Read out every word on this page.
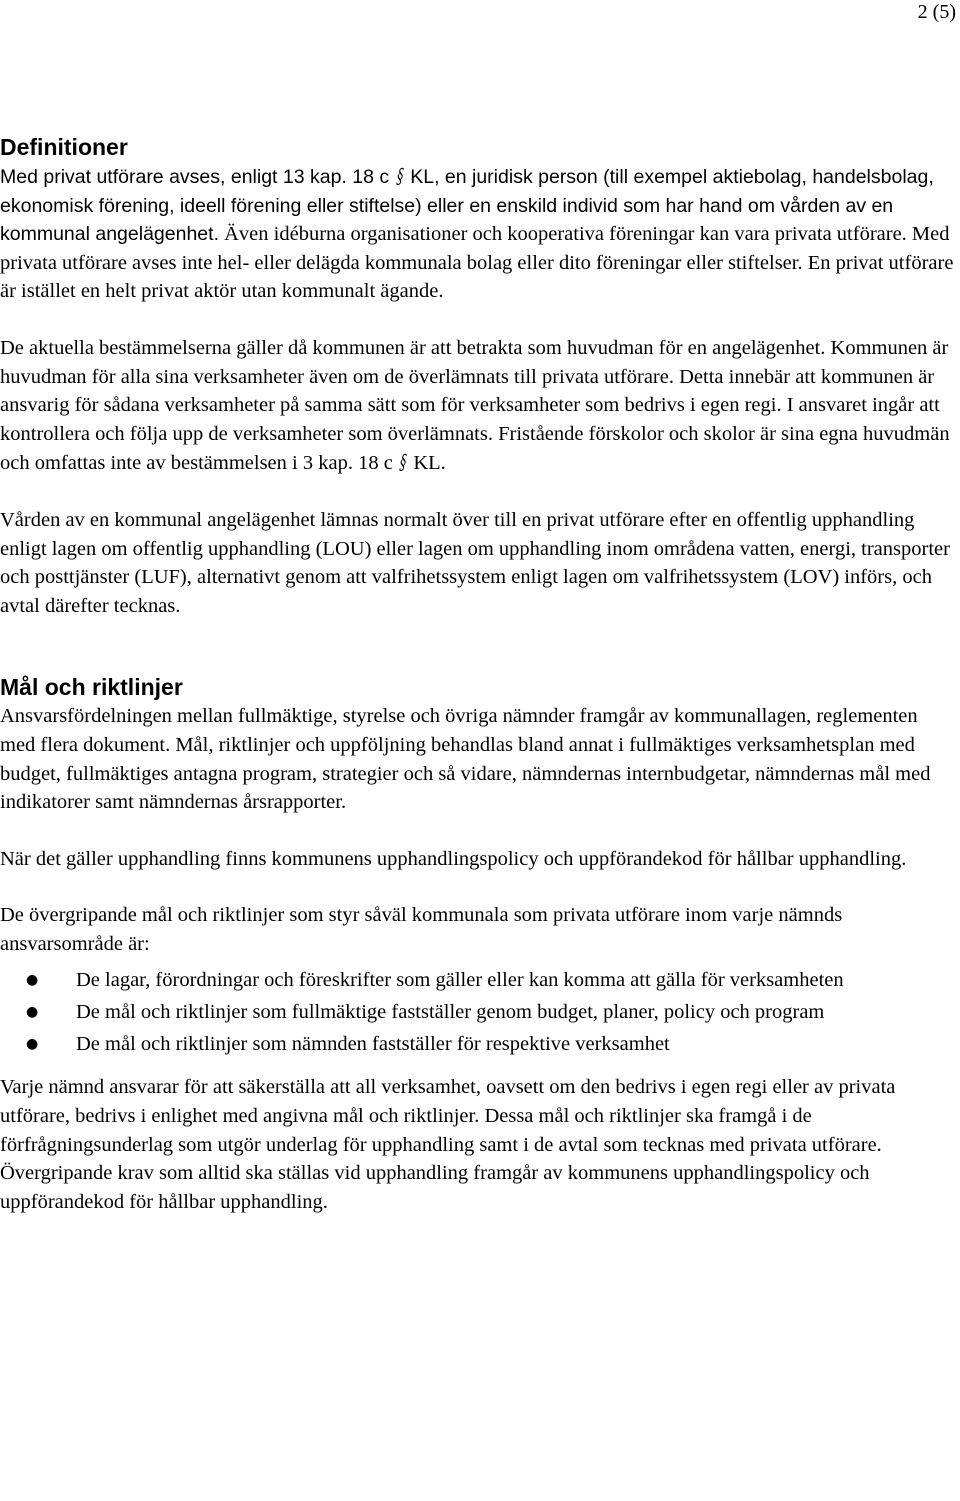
2 (5)
Definitioner

Med privat utförare avses, enligt 13 kap. 18 c § KL, en juridisk person (till exempel aktiebolag, handelsbolag, ekonomisk förening, ideell förening eller stiftelse) eller en enskild individ som har hand om vården av en kommunal angelägenhet. Även idéburna organisationer och kooperativa föreningar kan vara privata utförare. Med privata utförare avses inte hel- eller delägda kommunala bolag eller dito föreningar eller stiftelser. En privat utförare är istället en helt privat aktör utan kommunalt ägande.

De aktuella bestämmelserna gäller då kommunen är att betrakta som huvudman för en angelägenhet. Kommunen är huvudman för alla sina verksamheter även om de överlämnats till privata utförare. Detta innebär att kommunen är ansvarig för sådana verksamheter på samma sätt som för verksamheter som bedrivs i egen regi. I ansvaret ingår att kontrollera och följa upp de verksamheter som överlämnats. Fristående förskolor och skolor är sina egna huvudmän och omfattas inte av bestämmelsen i 3 kap. 18 c § KL.

Vården av en kommunal angelägenhet lämnas normalt över till en privat utförare efter en offentlig upphandling enligt lagen om offentlig upphandling (LOU) eller lagen om upphandling inom områdena vatten, energi, transporter och posttjänster (LUF), alternativt genom att valfrihetssystem enligt lagen om valfrihetssystem (LOV) införs, och avtal därefter tecknas.

Mål och riktlinjer

Ansvarsfördelningen mellan fullmäktige, styrelse och övriga nämnder framgår av kommunallagen, reglementen med flera dokument. Mål, riktlinjer och uppföljning behandlas bland annat i fullmäktiges verksamhetsplan med budget, fullmäktiges antagna program, strategier och så vidare, nämndernas internbudgetar, nämndernas mål med indikatorer samt nämndernas årsrapporter.

När det gäller upphandling finns kommunens upphandlingspolicy och uppförandekod för hållbar upphandling.

De övergripande mål och riktlinjer som styr såväl kommunala som privata utförare inom varje nämnds ansvarsområde är:

● De lagar, förordningar och föreskrifter som gäller eller kan komma att gälla för verksamheten
● De mål och riktlinjer som fullmäktige fastställer genom budget, planer, policy och program
● De mål och riktlinjer som nämnden fastställer för respektive verksamhet

Varje nämnd ansvarar för att säkerställa att all verksamhet, oavsett om den bedrivs i egen regi eller av privata utförare, bedrivs i enlighet med angivna mål och riktlinjer. Dessa mål och riktlinjer ska framgå i de förfrågningsunderlag som utgör underlag för upphandling samt i de avtal som tecknas med privata utförare. Övergripande krav som alltid ska ställas vid upphandling framgår av kommunens upphandlingspolicy och uppförandekod för hållbar upphandling.
